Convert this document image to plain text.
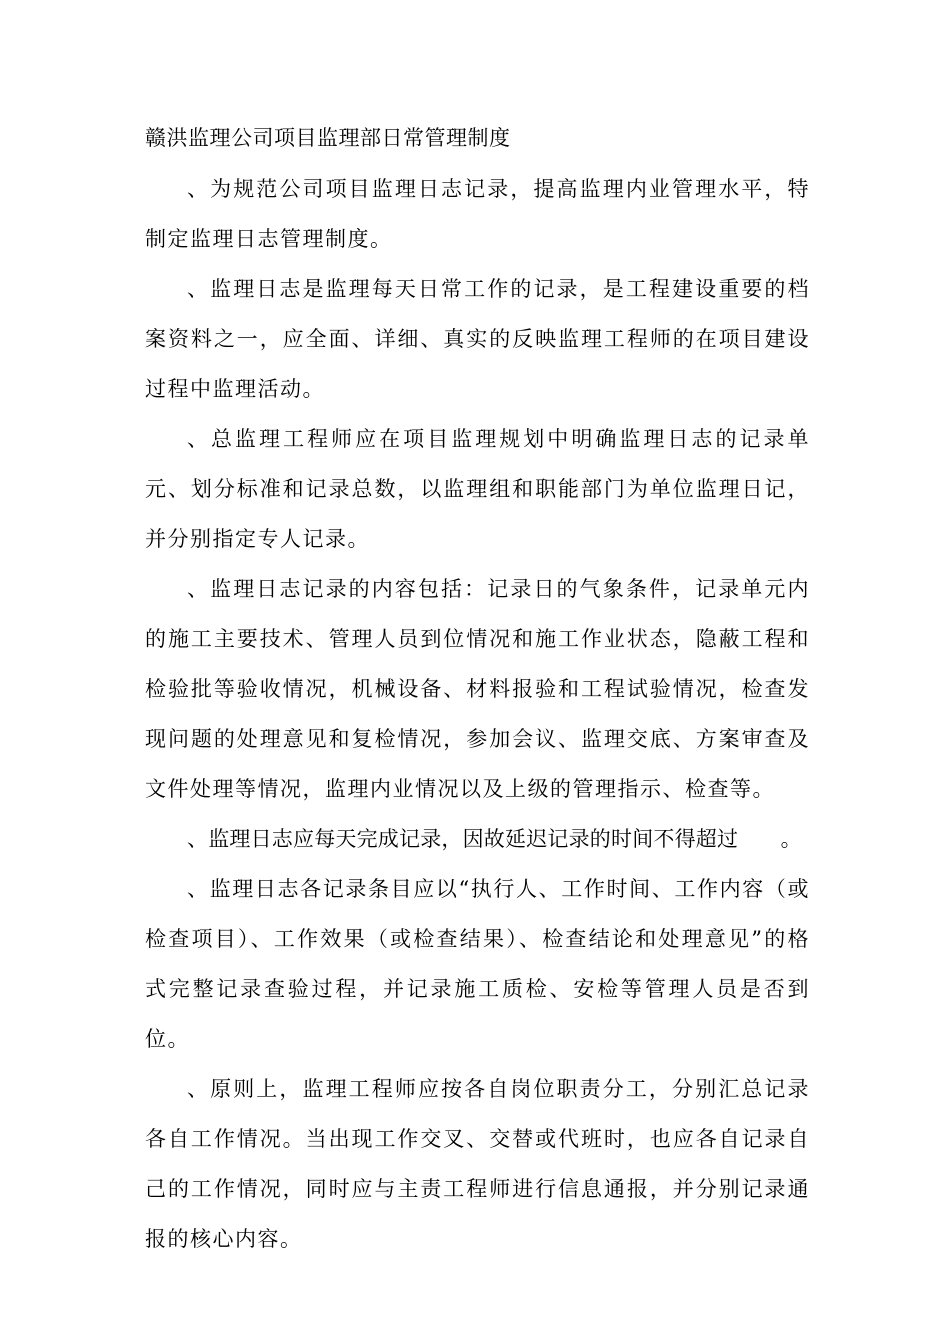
赣洪监理公司项目监理部日常管理制度

、为规范公司项目监理日志记录，提高监理内业管理水平，特制定监理日志管理制度。

、监理日志是监理每天日常工作的记录，是工程建设重要的档案资料之一，应全面、详细、真实的反映监理工程师的在项目建设过程中监理活动。

、总监理工程师应在项目监理规划中明确监理日志的记录单元、划分标准和记录总数，以监理组和职能部门为单位监理日记，并分别指定专人记录。

、监理日志记录的内容包括：记录日的气象条件，记录单元内的施工主要技术、管理人员到位情况和施工作业状态，隐蔽工程和检验批等验收情况，机械设备、材料报验和工程试验情况，检查发现问题的处理意见和复检情况，参加会议、监理交底、方案审查及文件处理等情况，监理内业情况以及上级的管理指示、检查等。

、监理日志应每天完成记录，因故延迟记录的时间不得超过　　。

、监理日志各记录条目应以“执行人、工作时间、工作内容（或检查项目）、工作效果（或检查结果）、检查结论和处理意见”的格式完整记录查验过程，并记录施工质检、安检等管理人员是否到位。

、原则上，监理工程师应按各自岗位职责分工，分别汇总记录各自工作情况。当出现工作交叉、交替或代班时，也应各自记录自己的工作情况，同时应与主责工程师进行信息通报，并分别记录通报的核心内容。
